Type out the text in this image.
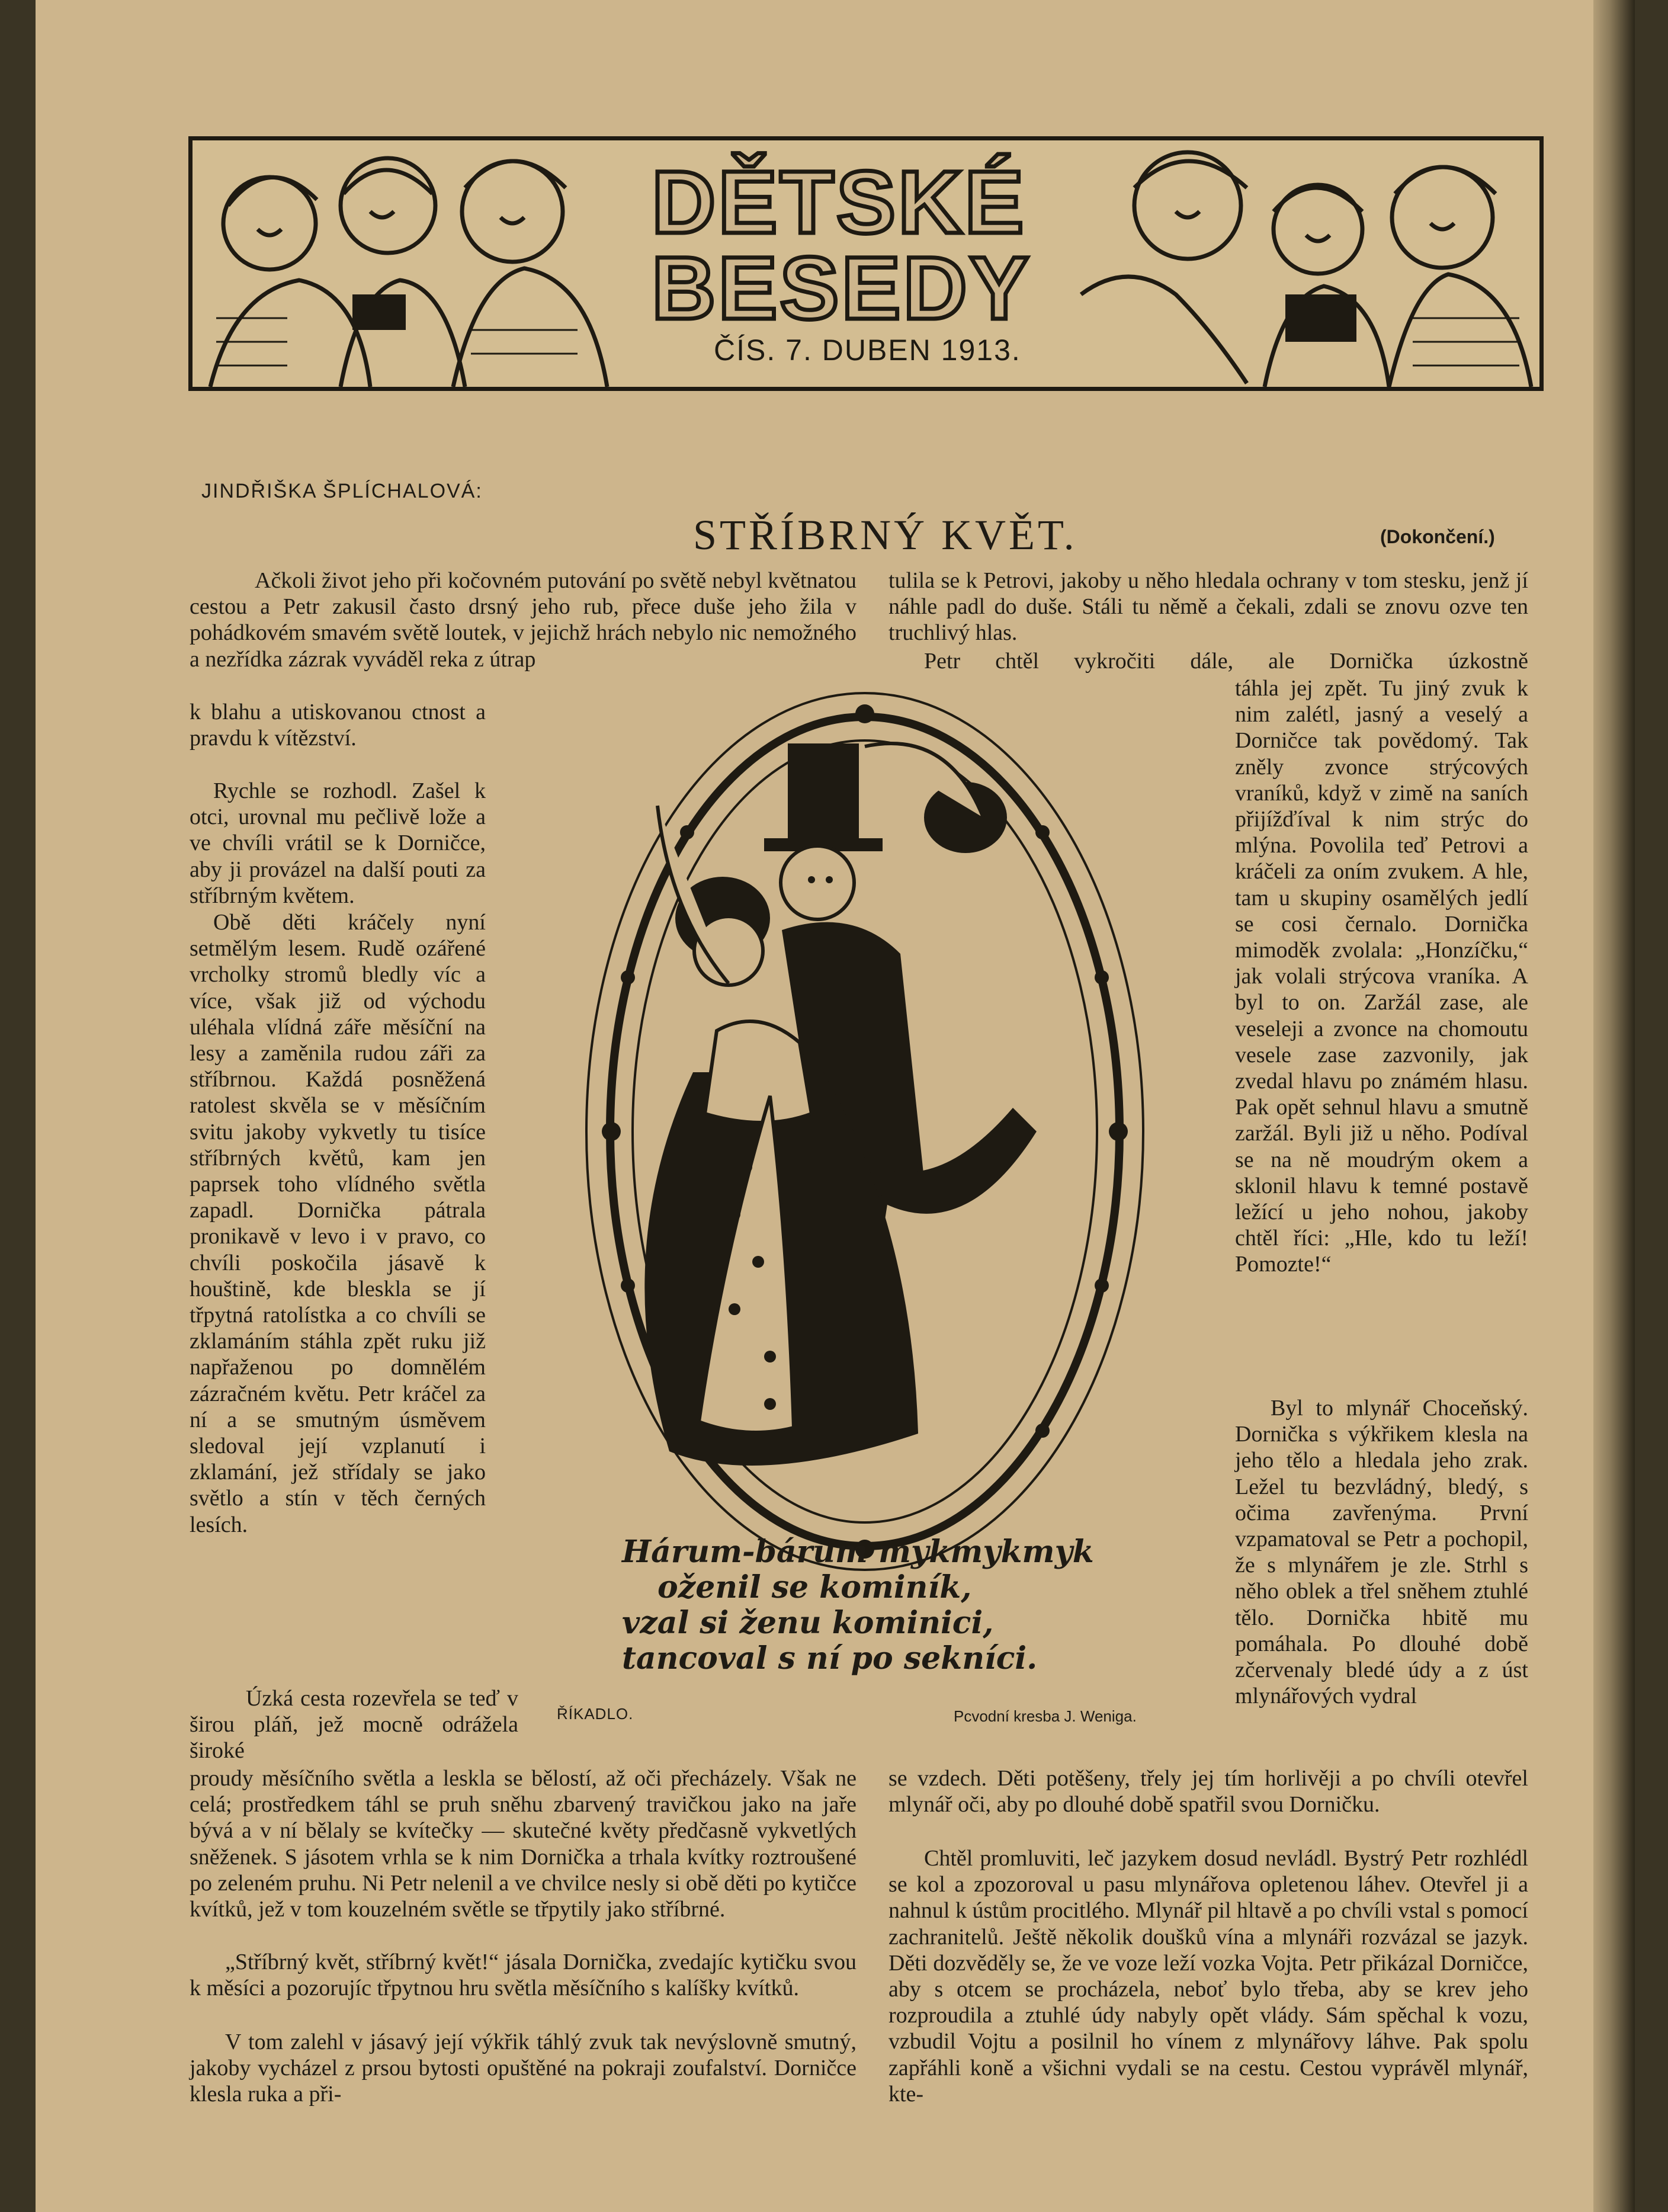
DĚTSKÉ
BESEDY
ČÍS. 7. DUBEN 1913.
JINDŘIŠKA ŠPLÍCHALOVÁ:
STŘÍBRNÝ KVĚT.	(Dokončení.)

Ačkoli život jeho při kočovném putování po světě nebyl květnatou cestou a Petr zakusil často drsný jeho rub, přece duše jeho žila v pohádkovém smavém světě loutek, v jejichž hrách nebylo nic nemožného a nezřídka zázrak vyváděl reka z útrap

k blahu a utiskovanou ctnost a pravdu k vítězství.

Rychle se rozhodl. Zašel k otci, urovnal mu pečlivě lože a ve chvíli vrátil se k Dorničce, aby ji provázel na další pouti za stříbrným květem.

Obě děti kráčely nyní setmělým lesem. Rudě ozářené vrcholky stromů bledly víc a více, však již od východu uléhala vlídná záře měsíční na lesy a zaměnila rudou záři za stříbrnou. Každá posněžená ratolest skvěla se v měsíčním svitu jakoby vykvetly tu tisíce stříbrných květů, kam jen paprsek toho vlídného světla zapadl. Dornička pátrala pronikavě v levo i v pravo, co chvíli poskočila jásavě k houštině, kde bleskla se jí třpytná ratolístka a co chvíli se zklamáním stáhla zpět ruku již napřaženou po domnělém zázračném květu. Petr kráčel za ní a se smutným úsměvem sledoval její vzplanutí i zklamání, jež střídaly se jako světlo a stín v těch černých lesích.

Úzká cesta rozevřela se teď v širou pláň, jež mocně odrážela široké

proudy měsíčního světla a leskla se bělostí, až oči přecházely. Však ne celá; prostředkem táhl se pruh sněhu zbarvený travičkou jako na jaře bývá a v ní bělaly se kvítečky — skutečné květy předčasně vykvetlých sněženek. S jásotem vrhla se k nim Dornička a trhala kvítky roztroušené po zeleném pruhu. Ni Petr nelenil a ve chvilce nesly si obě děti po kytičce kvítků, jež v tom kouzelném světle se třpytily jako stříbrné.

„Stříbrný květ, stříbrný květ!“ jásala Dornička, zvedajíc kytičku svou k měsíci a pozorujíc třpytnou hru světla měsíčního s kalíšky kvítků.

V tom zalehl v jásavý její výkřik táhlý zvuk tak nevýslovně smutný, jakoby vycházel z prsou bytosti opuštěné na pokraji zoufalství. Dorničce klesla ruka a při-

tulila se k Petrovi, jakoby u něho hledala ochrany v tom stesku, jenž jí náhle padl do duše. Stáli tu němě a čekali, zdali se znovu ozve ten truchlivý hlas.

Petr chtěl vykročiti dále, ale Dornička úzkostně

táhla jej zpět. Tu jiný zvuk k nim zalétl, jasný a veselý a Dorničce tak povědomý. Tak zněly zvonce strýcových vraníků, když v zimě na saních přijížďíval k nim strýc do mlýna. Povolila teď Petrovi a kráčeli za oním zvukem. A hle, tam u skupiny osamělých jedlí se cosi černalo. Dornička mimoděk zvolala: „Honzíčku,“ jak volali strýcova vraníka. A byl to on. Zaržál zase, ale veseleji a zvonce na chomoutu vesele zase zazvonily, jak zvedal hlavu po známém hlasu. Pak opět sehnul hlavu a smutně zaržál. Byli již u něho. Podíval se na ně moudrým okem a sklonil hlavu k temné postavě ležící u jeho nohou, jakoby chtěl říci: „Hle, kdo tu leží! Pomozte!“

Byl to mlynář Choceňský. Dornička s výkřikem klesla na jeho tělo a hledala jeho zrak. Ležel tu bezvládný, bledý, s očima zavřenýma. První vzpamatoval se Petr a pochopil, že s mlynářem je zle. Strhl s něho oblek a třel sněhem ztuhlé tělo. Dornička hbitě mu pomáhala. Po dlouhé době zčervenaly bledé údy a z úst mlynářových vydral

se vzdech. Děti potěšeny, třely jej tím horlivěji a po chvíli otevřel mlynář oči, aby po dlouhé době spatřil svou Dorničku.

Chtěl promluviti, leč jazykem dosud nevládl. Bystrý Petr rozhlédl se kol a zpozoroval u pasu mlynářova opletenou láhev. Otevřel ji a nahnul k ústům procitlého. Mlynář pil hltavě a po chvíli vstal s pomocí zachranitelů. Ještě několik doušků vína a mlynáři rozvázal se jazyk. Děti dozvěděly se, že ve voze leží vozka Vojta. Petr přikázal Dorničce, aby s otcem se procházela, neboť bylo třeba, aby se krev jeho rozproudila a ztuhlé údy nabyly opět vlády. Sám spěchal k vozu, vzbudil Vojtu a posilnil ho vínem z mlynářovy láhve. Pak spolu zapřáhli koně a všichni vydali se na cestu. Cestou vyprávěl mlynář, kte-

Hárum-bárum mykmykmyk
oženil se kominík,
vzal si ženu kominici,
tancoval s ní po sekníci.
ŘÍKADLO.	Pcvodní kresba J. Weniga.
